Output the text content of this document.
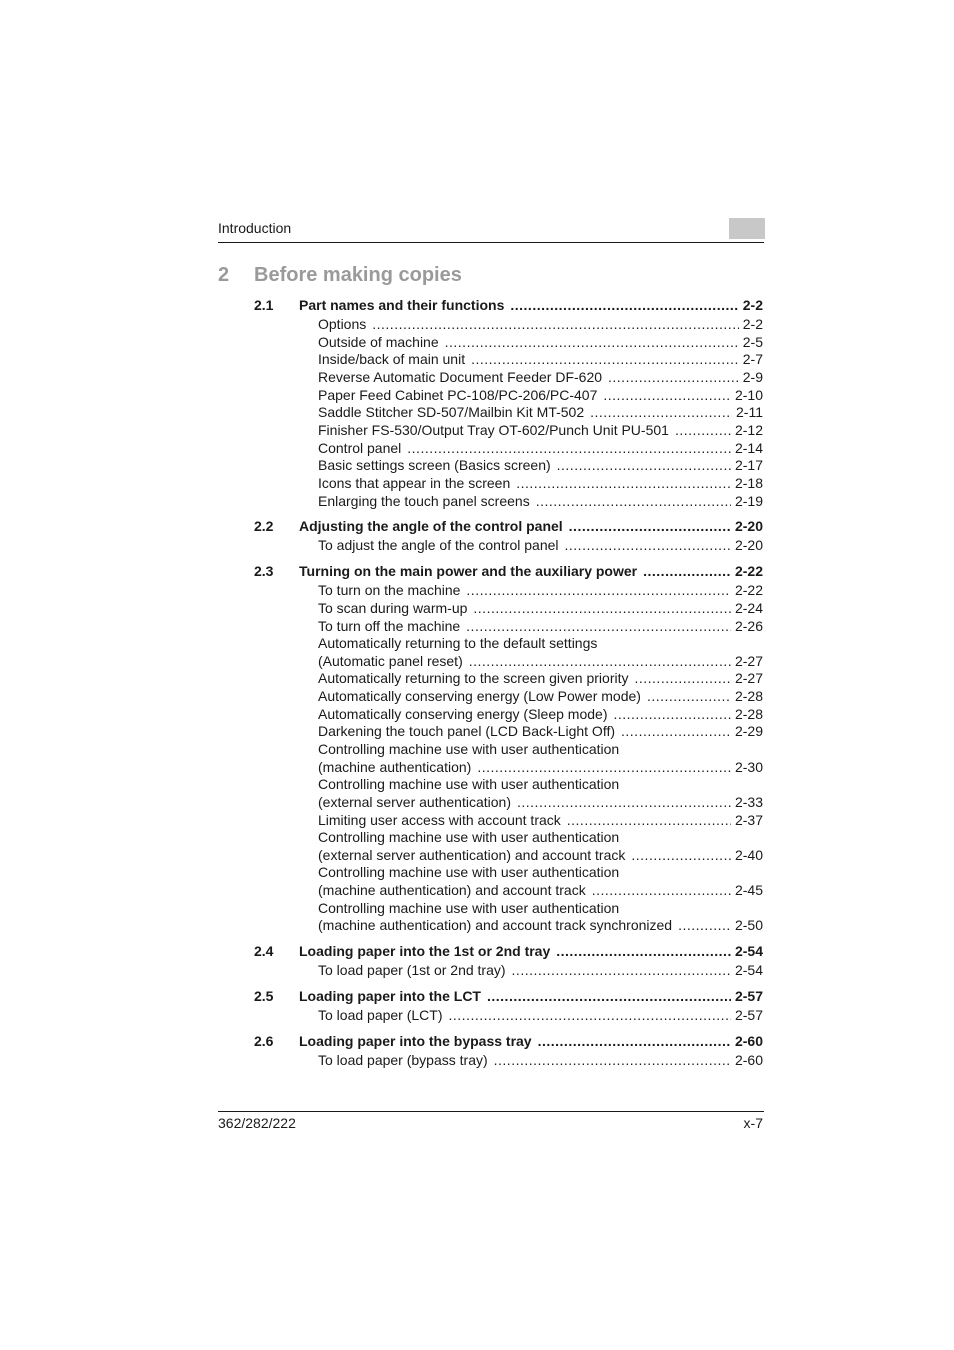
Introduction
2 Before making copies
2.1 Part names and their functions .....	2-2
Options .....	2-2
Outside of machine .....	2-5
Inside/back of main unit .....	2-7
Reverse Automatic Document Feeder DF-620 .....	2-9
Paper Feed Cabinet PC-108/PC-206/PC-407 .....	2-10
Saddle Stitcher SD-507/Mailbin Kit MT-502 .....	2-11
Finisher FS-530/Output Tray OT-602/Punch Unit PU-501 .....	2-12
Control panel .....	2-14
Basic settings screen (Basics screen) .....	2-17
Icons that appear in the screen .....	2-18
Enlarging the touch panel screens .....	2-19
2.2 Adjusting the angle of the control panel .....	2-20
To adjust the angle of the control panel .....	2-20
2.3 Turning on the main power and the auxiliary power .....	2-22
To turn on the machine .....	2-22
To scan during warm-up .....	2-24
To turn off the machine .....	2-26
Automatically returning to the default settings
(Automatic panel reset) .....	2-27
Automatically returning to the screen given priority .....	2-27
Automatically conserving energy (Low Power mode) .....	2-28
Automatically conserving energy (Sleep mode) .....	2-28
Darkening the touch panel (LCD Back-Light Off) .....	2-29
Controlling machine use with user authentication
(machine authentication) .....	2-30
Controlling machine use with user authentication
(external server authentication) .....	2-33
Limiting user access with account track .....	2-37
Controlling machine use with user authentication
(external server authentication) and account track .....	2-40
Controlling machine use with user authentication
(machine authentication) and account track .....	2-45
Controlling machine use with user authentication
(machine authentication) and account track synchronized .....	2-50
2.4 Loading paper into the 1st or 2nd tray .....	2-54
To load paper (1st or 2nd tray) .....	2-54
2.5 Loading paper into the LCT .....	2-57
To load paper (LCT) .....	2-57
2.6 Loading paper into the bypass tray .....	2-60
To load paper (bypass tray) .....	2-60
362/282/222	x-7
